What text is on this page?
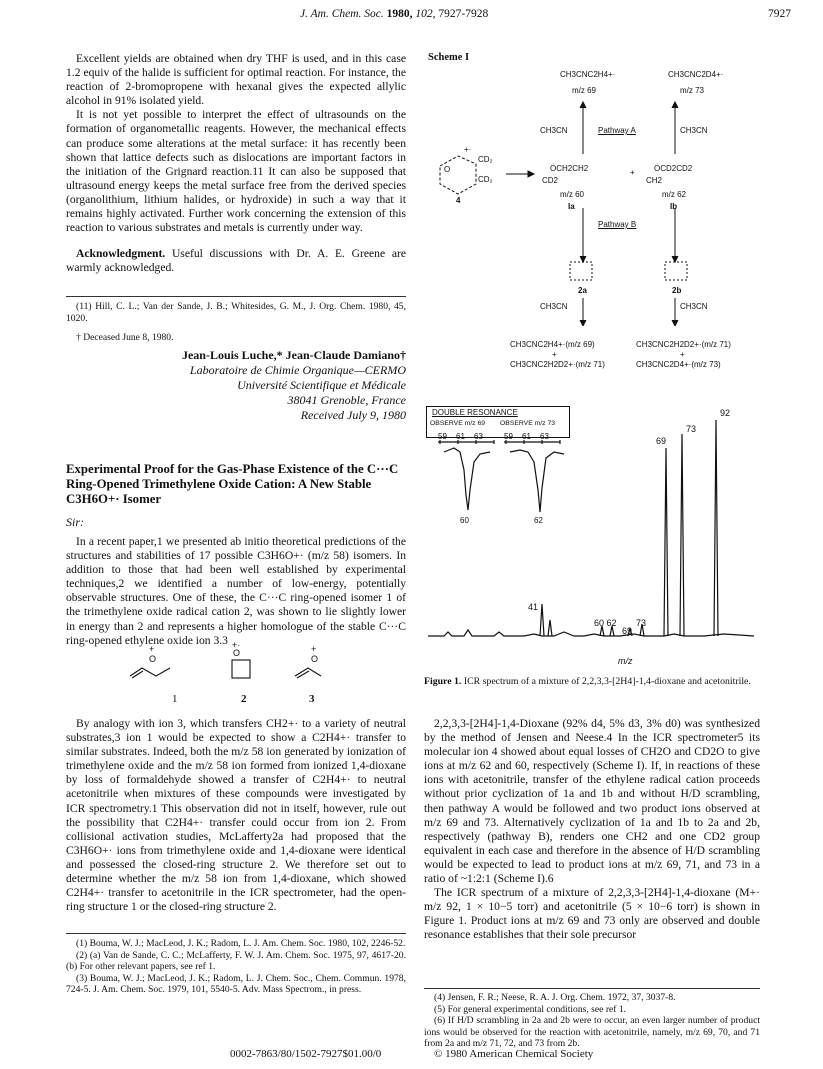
J. Am. Chem. Soc. 1980, 102, 7927-7928	7927

Excellent yields are obtained when dry THF is used, and in this case 1.2 equiv of the halide is sufficient for optimal reaction. For instance, the reaction of 2-bromopropene with hexanal gives the expected allylic alcohol in 91% isolated yield.

It is not yet possible to interpret the effect of ultrasounds on the formation of organometallic reagents. However, the mechanical effects can produce some alterations at the metal surface: it has recently been shown that lattice defects such as dislocations are important factors in the initiation of the Grignard reaction.11 It can also be supposed that ultrasound energy keeps the metal surface free from the derived species (organolithium, lithium halides, or hydroxide) in such a way that it remains highly activated. Further work concerning the extension of this reaction to various substrates and metals is currently under way.

Acknowledgment. Useful discussions with Dr. A. E. Greene are warmly acknowledged.

(11) Hill, C. L.; Van der Sande, J. B.; Whitesides, G. M., J. Org. Chem. 1980, 45, 1020.

† Deceased June 8, 1980.

Jean-Louis Luche,* Jean-Claude Damiano†
Laboratoire de Chimie Organique—CERMO
Université Scientifique et Médicale
38041 Grenoble, France
Received July 9, 1980
Experimental Proof for the Gas-Phase Existence of the C···C Ring-Opened Trimethylene Oxide Cation: A New Stable C3H6O+· Isomer
Sir:

In a recent paper,1 we presented ab initio theoretical predictions of the structures and stabilities of 17 possible C3H6O+· (m/z 58) isomers. In addition to those that had been well established by experimental techniques,2 we identified a number of low-energy, potentially observable structures. One of these, the C···C ring-opened isomer 1 of the trimethylene oxide radical cation 2, was shown to lie slightly lower in energy than 2 and represents a higher homologue of the stable C···C ring-opened ethylene oxide ion 3.3

O
+	O
+·
O
+
1	2	3

By analogy with ion 3, which transfers CH2+· to a variety of neutral substrates,3 ion 1 would be expected to show a C2H4+· transfer to similar substrates. Indeed, both the m/z 58 ion generated by ionization of trimethylene oxide and the m/z 58 ion formed from ionized 1,4-dioxane by loss of formaldehyde showed a transfer of C2H4+· to neutral acetonitrile when mixtures of these compounds were investigated by ICR spectrometry.1 This observation did not in itself, however, rule out the possibility that C2H4+· transfer could occur from ion 2. From collisional activation studies, McLafferty2a had proposed that the C3H6O+· ions from trimethylene oxide and 1,4-dioxane were identical and possessed the closed-ring structure 2. We therefore set out to determine whether the m/z 58 ion from 1,4-dioxane, which showed C2H4+· transfer to acetonitrile in the ICR spectrometer, had the open-ring structure 1 or the closed-ring structure 2.

(1) Bouma, W. J.; MacLeod, J. K.; Radom, L. J. Am. Chem. Soc. 1980, 102, 2246-52.

(2) (a) Van de Sande, C. C.; McLafferty, F. W. J. Am. Chem. Soc. 1975, 97, 4617-20. (b) For other relevant papers, see ref 1.

(3) Bouma, W. J.; MacLeod, J. K.; Radom, L. J. Chem. Soc., Chem. Commun. 1978, 724-5. J. Am. Chem. Soc. 1979, 101, 5540-5. Adv. Mass Spectrom., in press.

Scheme I
CH3CNC2H4+·
m/z 69
CH3CNC2D4+·
m/z 73
CH3CN	Pathway A	CH3CN
+·
CD₂
CD₂
O
4
ȮCH2CH2
CD2
+ ȮCD2CD2
CH2
m/z 60	m/z 62
Ia	Ib
Pathway B
2a	2b
CH3CN	CH3CN
CH3CNC2H4+·(m/z 69)
+
CH3CNC2H2D2+·(m/z 71)
CH3CNC2H2D2+·(m/z 71)
+
CH3CNC2D4+·(m/z 73)
DOUBLE RESONANCE
OBSERVE m/z 69 OBSERVE m/z 73
59 61 63	59 61 63
60	62
69
73
92
41
60 62
69
73
m/z

Figure 1. ICR spectrum of a mixture of 2,2,3,3-[2H4]-1,4-dioxane and acetonitrile.

2,2,3,3-[2H4]-1,4-Dioxane (92% d4, 5% d3, 3% d0) was synthesized by the method of Jensen and Neese.4 In the ICR spectrometer5 its molecular ion 4 showed about equal losses of CH2O and CD2O to give ions at m/z 62 and 60, respectively (Scheme I). If, in reactions of these ions with acetonitrile, transfer of the ethylene radical cation proceeds without prior cyclization of 1a and 1b and without H/D scrambling, then pathway A would be followed and two product ions observed at m/z 69 and 73. Alternatively cyclization of 1a and 1b to 2a and 2b, respectively (pathway B), renders one CH2 and one CD2 group equivalent in each case and therefore in the absence of H/D scrambling would be expected to lead to product ions at m/z 69, 71, and 73 in a ratio of ~1:2:1 (Scheme I).6

The ICR spectrum of a mixture of 2,2,3,3-[2H4]-1,4-dioxane (M+· m/z 92, 1 × 10−5 torr) and acetonitrile (5 × 10−6 torr) is shown in Figure 1. Product ions at m/z 69 and 73 only are observed and double resonance establishes that their sole precursor

(4) Jensen, F. R.; Neese, R. A. J. Org. Chem. 1972, 37, 3037-8.

(5) For general experimental conditions, see ref 1.

(6) If H/D scrambling in 2a and 2b were to occur, an even larger number of product ions would be observed for the reaction with acetonitrile, namely, m/z 69, 70, and 71 from 2a and m/z 71, 72, and 73 from 2b.

0002-7863/80/1502-7927$01.00/0	© 1980 American Chemical Society
